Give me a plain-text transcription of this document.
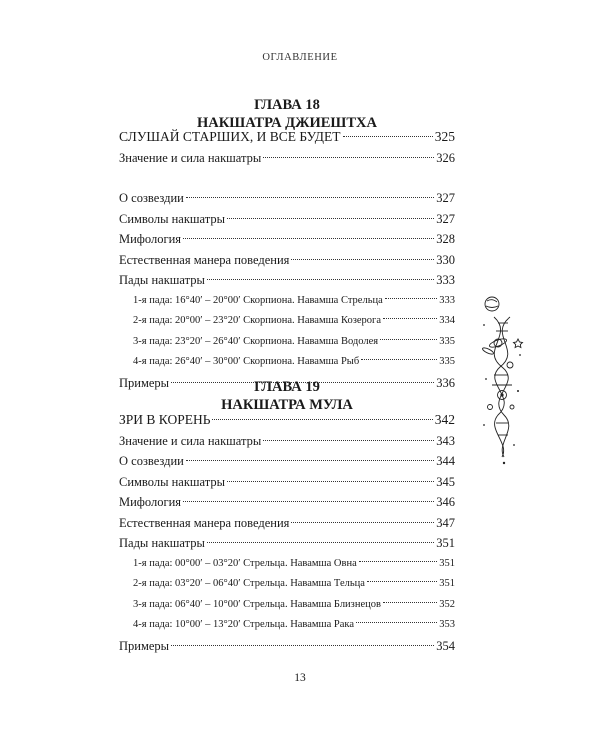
ОГЛАВЛЕНИЕ
ГЛАВА 18
НАКШАТРА ДЖИЕШТХА
СЛУШАЙ СТАРШИХ, И ВСЕ БУДЕТ	325
Значение и сила накшатры	326
О созвездии	327
Символы накшатры	327
Мифология	328
Естественная манера поведения	330
Пады накшатры	333
1-я пада: 16°40′ – 20°00′ Скорпиона. Навамша Стрельца	333
2-я пада: 20°00′ – 23°20′ Скорпиона. Навамша Козерога	334
3-я пада: 23°20′ – 26°40′ Скорпиона. Навамша Водолея	335
4-я пада: 26°40′ – 30°00′ Скорпиона. Навамша Рыб	335
Примеры	336
ГЛАВА 19
НАКШАТРА МУЛА
ЗРИ В КОРЕНЬ	342
Значение и сила накшатры	343
О созвездии	344
Символы накшатры	345
Мифология	346
Естественная манера поведения	347
Пады накшатры	351
1-я пада: 00°00′ – 03°20′ Стрельца. Навамша Овна	351
2-я пада: 03°20′ – 06°40′ Стрельца. Навамша Тельца	351
3-я пада: 06°40′ – 10°00′ Стрельца. Навамша Близнецов	352
4-я пада: 10°00′ – 13°20′ Стрельца. Навамша Рака	353
Примеры	354
13
